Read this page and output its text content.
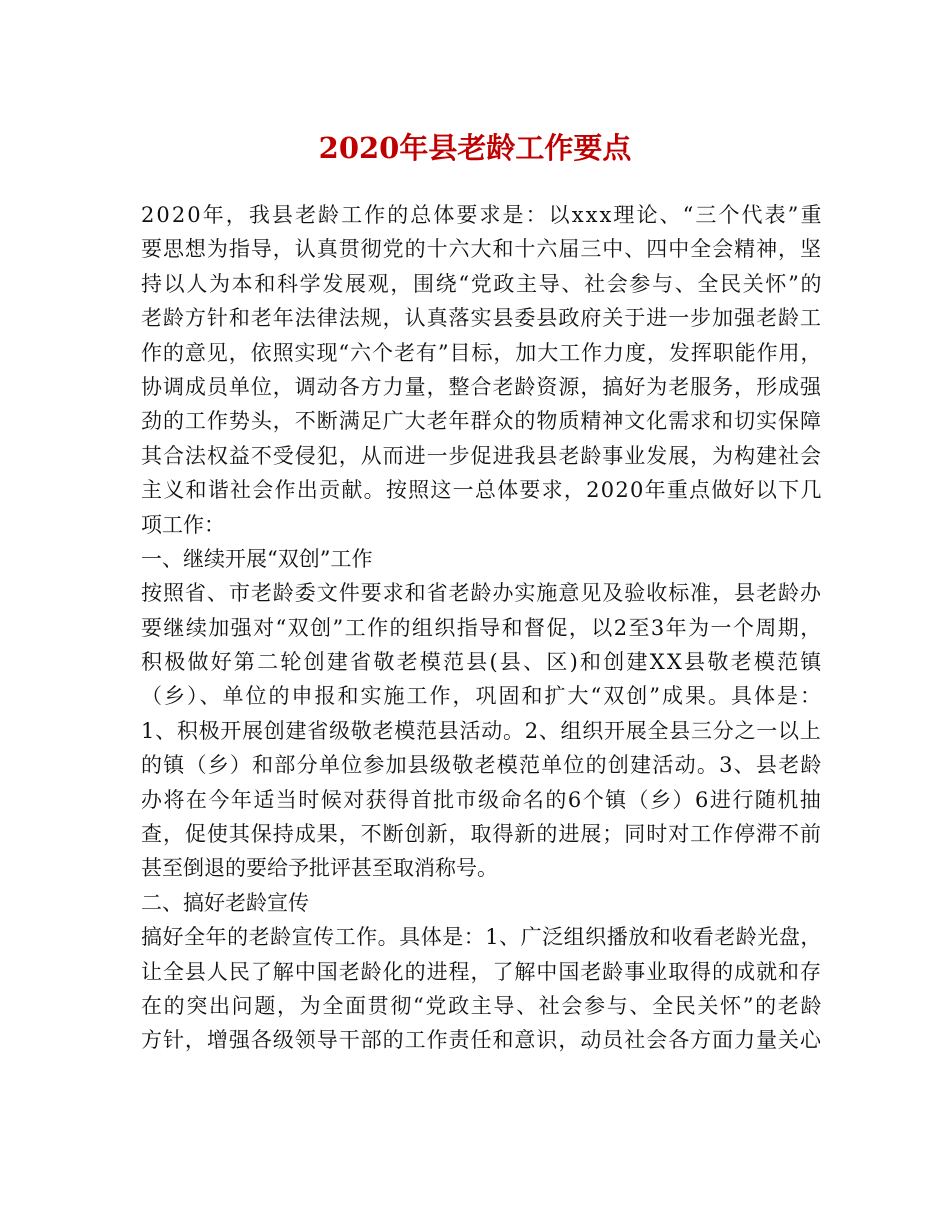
2020年县老龄工作要点
2020年，我县老龄工作的总体要求是：以xxx理论、“三个代表”重
要思想为指导，认真贯彻党的十六大和十六届三中、四中全会精神，坚
持以人为本和科学发展观，围绕“党政主导、社会参与、全民关怀”的
老龄方针和老年法律法规，认真落实县委县政府关于进一步加强老龄工
作的意见，依照实现“六个老有”目标，加大工作力度，发挥职能作用，
协调成员单位，调动各方力量，整合老龄资源，搞好为老服务，形成强
劲的工作势头，不断满足广大老年群众的物质精神文化需求和切实保障
其合法权益不受侵犯，从而进一步促进我县老龄事业发展，为构建社会
主义和谐社会作出贡献。按照这一总体要求，2020年重点做好以下几
项工作：
一、继续开展“双创”工作
按照省、市老龄委文件要求和省老龄办实施意见及验收标准，县老龄办
要继续加强对“双创”工作的组织指导和督促，以2至3年为一个周期，
积极做好第二轮创建省敬老模范县(县、区)和创建XX县敬老模范镇
（乡）、单位的申报和实施工作，巩固和扩大“双创”成果。具体是：
1、积极开展创建省级敬老模范县活动。2、组织开展全县三分之一以上
的镇（乡）和部分单位参加县级敬老模范单位的创建活动。3、县老龄
办将在今年适当时候对获得首批市级命名的6个镇（乡）6进行随机抽
查，促使其保持成果，不断创新，取得新的进展；同时对工作停滞不前
甚至倒退的要给予批评甚至取消称号。
二、搞好老龄宣传
搞好全年的老龄宣传工作。具体是：1、广泛组织播放和收看老龄光盘，
让全县人民了解中国老龄化的进程，了解中国老龄事业取得的成就和存
在的突出问题，为全面贯彻“党政主导、社会参与、全民关怀”的老龄
方针，增强各级领导干部的工作责任和意识，动员社会各方面力量关心
